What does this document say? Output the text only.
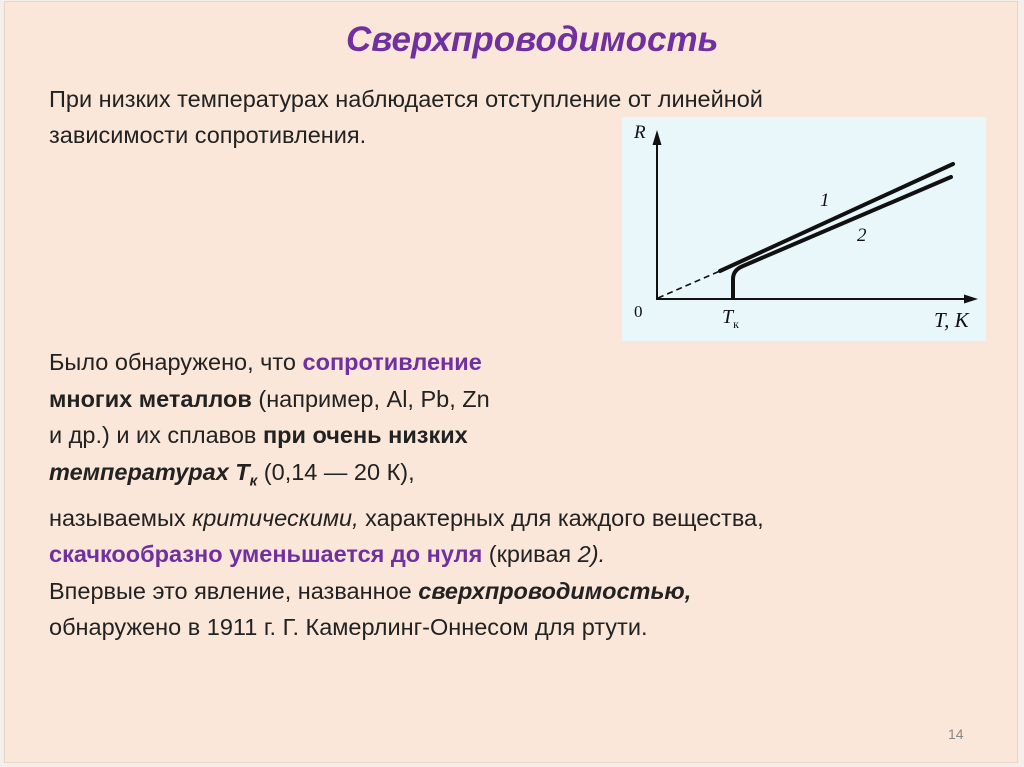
Сверхпроводимость
При низких температурах наблюдается отступление от линейной
зависимости сопротивления.	R
0	$T_к$	T, К
1
2
Было обнаружено, что сопротивление
многих металлов (например, Al, Pb, Zn
и др.) и их сплавов при очень низких
температурах $T_к$ (0,14 — 20 К),
называемых критическими, характерных для каждого вещества,
скачкообразно уменьшается до нуля (кривая 2).
Впервые это явление, названное сверхпроводимостью,
обнаружено в 1911 г. Г. Камерлинг-Оннесом для ртути.
14
